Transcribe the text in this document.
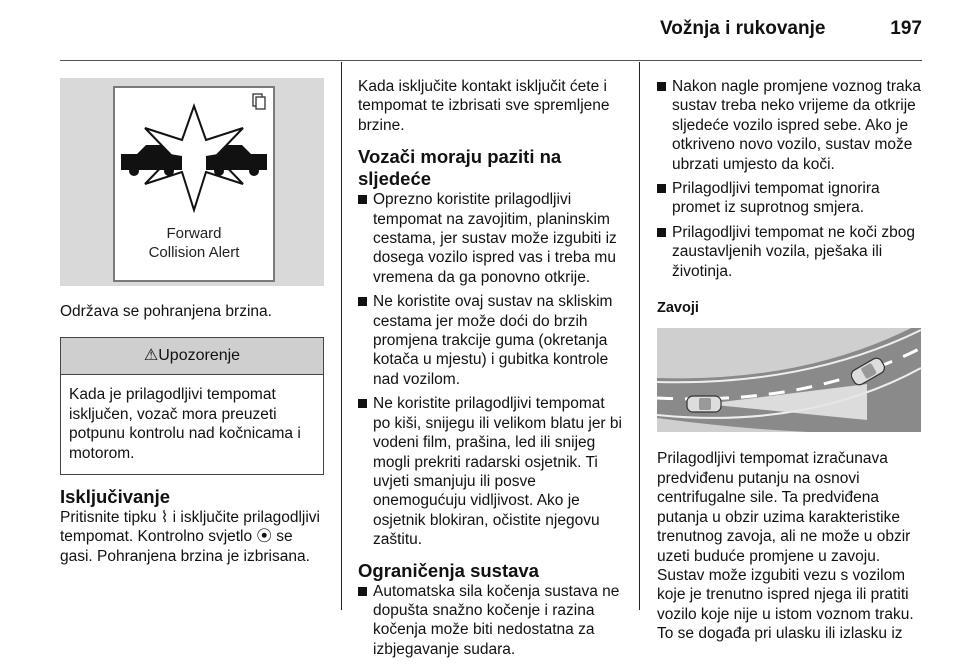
Vožnja i rukovanje	197
Forward
Collision Alert

Održava se pohranjena brzina.

⚠Upozorenje
Kada je prilagodljivi tempomat isključen, vozač mora preuzeti potpunu kontrolu nad kočnicama i motorom.
Isključivanje

Pritisnite tipku ⌇ i isključite prilagodljivi tempomat. Kontrolno svjetlo ⦿ se gasi. Pohranjena brzina je izbrisana.

Kada isključite kontakt isključit ćete i tempomat te izbrisati sve spremljene brzine.

Vozači moraju paziti na sljedeće
Oprezno koristite prilagodljivi tempomat na zavojitim, planinskim cestama, jer sustav može izgubiti iz dosega vozilo ispred vas i treba mu vremena da ga ponovno otkrije.
Ne koristite ovaj sustav na skliskim cestama jer može doći do brzih promjena trakcije guma (okretanja kotača u mjestu) i gubitka kontrole nad vozilom.
Ne koristite prilagodljivi tempomat po kiši, snijegu ili velikom blatu jer bi vodeni film, prašina, led ili snijeg mogli prekriti radarski osjetnik. Ti uvjeti smanjuju ili posve onemogućuju vidljivost. Ako je osjetnik blokiran, očistite njegovu zaštitu.
Ograničenja sustava
Automatska sila kočenja sustava ne dopušta snažno kočenje i razina kočenja može biti nedostatna za izbjegavanje sudara.
Nakon nagle promjene voznog traka sustav treba neko vrijeme da otkrije sljedeće vozilo ispred sebe. Ako je otkriveno novo vozilo, sustav može ubrzati umjesto da koči.
Prilagodljivi tempomat ignorira promet iz suprotnog smjera.
Prilagodljivi tempomat ne koči zbog zaustavljenih vozila, pješaka ili životinja.
Zavoji

Prilagodljivi tempomat izračunava predviđenu putanju na osnovi centrifugalne sile. Ta predviđena putanja u obzir uzima karakteristike trenutnog zavoja, ali ne može u obzir uzeti buduće promjene u zavoju. Sustav može izgubiti vezu s vozilom koje je trenutno ispred njega ili pratiti vozilo koje nije u istom voznom traku. To se događa pri ulasku ili izlasku iz
